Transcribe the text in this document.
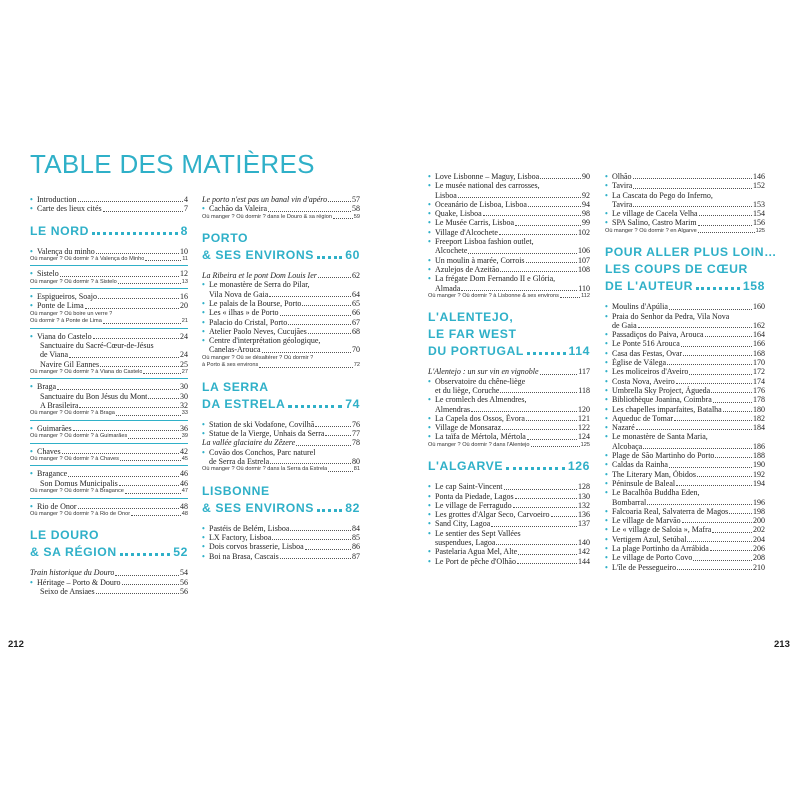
TABLE DES MATIÈRES
• Introduction	4
• Carte des lieux cités	7
LE NORD	8
• Valença du minho	10
Où manger ? Où dormir ? à Valença do Minho	11
• Sistelo	12
Où manger ? Où dormir ? à Sistelo	13
• Espigueiros, Soajo	16
• Ponte de Lima	20
Où manger ? Où boire un verre ?
Où dormir ? à Ponte de Lima	21
• Viana do Castelo	24
Sanctuaire du Sacré-Cœur-de-Jésus
de Viana	24
Navire Gil Eannes	25
Où manger ? Où dormir ? à Viana do Castelo	27
• Braga	30
Sanctuaire du Bon Jésus du Mont	30
A Brasileira	32
Où manger ? Où dormir ? à Braga	33
• Guimarães	36
Où manger ? Où dormir ? à Guimarães	39
• Chaves	42
Où manger ? Où dormir ? à Chaves	45
• Bragance	46
Son Domus Municipalis	46
Où manger ? Où dormir ? à Bragance	47
• Rio de Onor	48
Où manger ? Où dormir ? à Rio de Onor	48
LE DOURO
& SA RÉGION	52
Train historique du Douro	54
• Héritage – Porto & Douro	56
Seixo de Ansiaes	56
Le porto n'est pas un banal vin d'apéro	57
• Cachão da Valeira	58
Où manger ? Où dormir ? dans le Douro & sa région	59
PORTO
& SES ENVIRONS	60
La Ribeira et le pont Dom Louis Ier	62
• Le monastère de Serra do Pilar,
Vila Nova de Gaia	64
• Le palais de la Bourse, Porto	65
• Les « ilhas » de Porto	66
• Palacio do Cristal, Porto	67
• Atelier Paolo Neves, Cucujães	68
• Centre d'interprétation géologique,
Canelas-Arouca	70
Où manger ? Où se désaltérer ? Où dormir ?
à Porto & ses environs	72
LA SERRA
DA ESTRELA	74
• Station de ski Vodafone, Covilhã	76
• Statue de la Vierge, Unhais da Serra	77
La vallée glaciaire du Zêzere	78
• Covão dos Conchos, Parc naturel
de Serra da Estrela	80
Où manger ? Où dormir ? dans la Serra da Estrela	81
LISBONNE
& SES ENVIRONS	82
• Pastéis de Belém, Lisboa	84
• LX Factory, Lisboa	85
• Dois corvos brasserie, Lisboa	86
• Boi na Brasa, Cascais	87
• Love Lisbonne – Maguy, Lisboa	90
• Le musée national des carrosses,
Lisboa	92
• Oceanário de Lisboa, Lisboa	94
• Quake, Lisboa	98
• Le Musée Carris, Lisboa	99
• Village d'Alcochete	102
• Freeport Lisboa fashion outlet,
Alcochete	106
• Un moulin à marée, Corrois	107
• Azulejos de Azeitão	108
• La frégate Dom Fernando II e Glória,
Almada	110
Où manger ? Où dormir ? à Lisbonne & ses environs	112
L'ALENTEJO,
LE FAR WEST
DU PORTUGAL	114
L'Alentejo : un sur vin en vignoble	117
• Observatoire du chêne-liège
et du liège, Coruche	118
• Le cromlech des Almendres,
Almendras	120
• La Capela dos Ossos, Évora	121
• Village de Monsaraz	122
• La taïfa de Mértola, Mértola	124
Où manger ? Où dormir ? dans l'Alentejo	125
L'ALGARVE	126
• Le cap Saint-Vincent	128
• Ponta da Piedade, Lagos	130
• Le village de Ferragudo	132
• Les grottes d'Algar Seco, Carvoeiro	136
• Sand City, Lagoa	137
• Le sentier des Sept Vallées
suspendues, Lagoa	140
• Pastelaria Agua Mel, Alte	142
• Le Port de pêche d'Olhão	144
• Olhão	146
• Tavira	152
• La Cascata do Pego do Inferno,
Tavira	153
• Le village de Cacela Velha	154
• SPA Salino, Castro Marim	156
Où manger ? Où dormir ? en Algarve	125
POUR ALLER PLUS LOIN…
LES COUPS DE CŒUR
DE L'AUTEUR	158
• Moulins d'Apúlia	160
• Praia do Senhor da Pedra, Vila Nova
de Gaia	162
• Passadiços do Paiva, Arouca	164
• Le Ponte 516 Arouca	166
• Casa das Festas, Ovar	168
• Église de Válega	170
• Les moliceiros d'Aveiro	172
• Costa Nova, Aveiro	174
• Umbrella Sky Project, Águeda	176
• Bibliothèque Joanina, Coimbra	178
• Les chapelles imparfaites, Batalha	180
• Aqueduc de Tomar	182
• Nazaré	184
• Le monastère de Santa Maria,
Alcobaça	186
• Plage de São Martinho do Porto	188
• Caldas da Rainha	190
• The Literary Man, Óbidos	192
• Péninsule de Baleal	194
• Le Bacalhôa Buddha Eden,
Bombarral	196
• Falcoaria Real, Salvaterra de Magos	198
• Le village de Marvão	200
• Le « village de Saloia », Mafra	202
• Vertigem Azul, Setúbal	204
• La plage Portinho da Arrábida	206
• Le village de Porto Covo	208
• L'île de Pessegueiro	210
212	213
